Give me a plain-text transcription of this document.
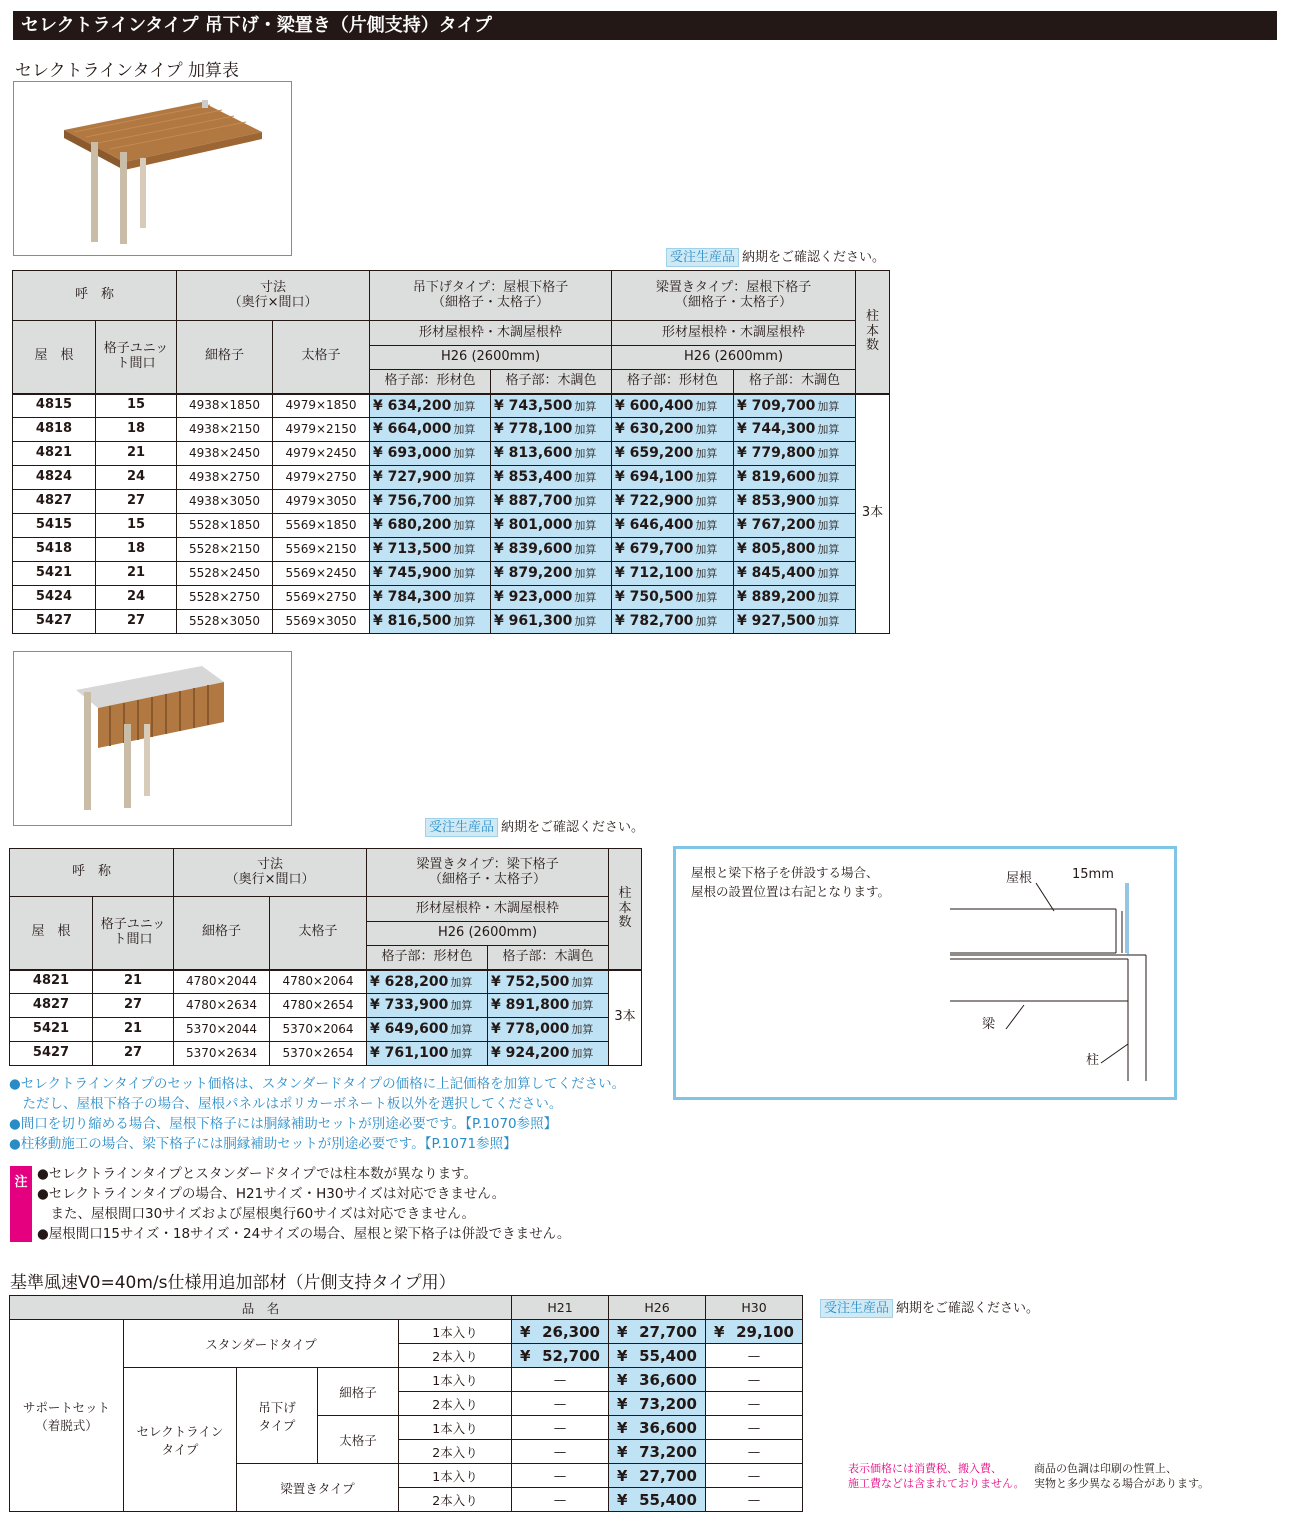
セレクトラインタイプ 吊下げ・梁置き（片側支持）タイプ
セレクトラインタイプ 加算表
受注生産品 納期をご確認ください。
呼　称		寸法
（奥行×間口）		吊下げタイプ：屋根下格子
（細格子・太格子）		梁置きタイプ：屋根下格子
（細格子・太格子）		柱本数
屋　根	格子ユニット間口	細格子	太格子	形材屋根枠・木調屋根枠		形材屋根枠・木調屋根枠		
				H26 (2600mm)		H26 (2600mm)		
				格子部：形材色	格子部：木調色	格子部：形材色	格子部：木調色	
4815	15	4938×1850	4979×1850	¥ 634,200 加算	¥ 743,500 加算	¥ 600,400 加算	¥ 709,700 加算	3本
4818	18	4938×2150	4979×2150	¥ 664,000 加算	¥ 778,100 加算	¥ 630,200 加算	¥ 744,300 加算	
4821	21	4938×2450	4979×2450	¥ 693,000 加算	¥ 813,600 加算	¥ 659,200 加算	¥ 779,800 加算	
4824	24	4938×2750	4979×2750	¥ 727,900 加算	¥ 853,400 加算	¥ 694,100 加算	¥ 819,600 加算	
4827	27	4938×3050	4979×3050	¥ 756,700 加算	¥ 887,700 加算	¥ 722,900 加算	¥ 853,900 加算	
5415	15	5528×1850	5569×1850	¥ 680,200 加算	¥ 801,000 加算	¥ 646,400 加算	¥ 767,200 加算	
5418	18	5528×2150	5569×2150	¥ 713,500 加算	¥ 839,600 加算	¥ 679,700 加算	¥ 805,800 加算	
5421	21	5528×2450	5569×2450	¥ 745,900 加算	¥ 879,200 加算	¥ 712,100 加算	¥ 845,400 加算	
5424	24	5528×2750	5569×2750	¥ 784,300 加算	¥ 923,000 加算	¥ 750,500 加算	¥ 889,200 加算	
5427	27	5528×3050	5569×3050	¥ 816,500 加算	¥ 961,300 加算	¥ 782,700 加算	¥ 927,500 加算	
受注生産品 納期をご確認ください。
呼　称		寸法
（奥行×間口）		梁置きタイプ：梁下格子
（細格子・太格子）		柱本数
屋　根	格子ユニット間口	細格子	太格子	形材屋根枠・木調屋根枠		
				H26 (2600mm)		
				格子部：形材色	格子部：木調色	
4821	21	4780×2044	4780×2064	¥ 628,200 加算	¥ 752,500 加算	3本
4827	27	4780×2634	4780×2654	¥ 733,900 加算	¥ 891,800 加算	
5421	21	5370×2044	5370×2064	¥ 649,600 加算	¥ 778,000 加算	
5427	27	5370×2634	5370×2654	¥ 761,100 加算	¥ 924,200 加算	
屋根と梁下格子を併設する場合、
屋根の設置位置は右記となります。
屋根	15mm
梁
柱
●セレクトラインタイプのセット価格は、スタンダードタイプの価格に上記価格を加算してください。
　ただし、屋根下格子の場合、屋根パネルはポリカーボネート板以外を選択してください。
●間口を切り縮める場合、屋根下格子には胴縁補助セットが別途必要です。【P.1070参照】
●柱移動施工の場合、梁下格子には胴縁補助セットが別途必要です。【P.1071参照】
注
●セレクトラインタイプとスタンダードタイプでは柱本数が異なります。
●セレクトラインタイプの場合、H21サイズ・H30サイズは対応できません。
　また、屋根間口30サイズおよび屋根奥行60サイズは対応できません。
●屋根間口15サイズ・18サイズ・24サイズの場合、屋根と梁下格子は併設できません。
基準風速V0=40m/s仕様用追加部材（片側支持タイプ用）
受注生産品 納期をご確認ください。
品　名					H21	H26	H30
サポートセット
（着脱式）	スタンダードタイプ			1本入り	¥ 26,300	¥ 27,700	¥ 29,100

				2本入り	¥ 52,700	¥ 55,400	—
	セレクトライン
タイプ	吊下げ
タイプ	細格子	1本入り	—	¥ 36,600	—
				2本入り	—	¥ 73,200	—
			太格子	1本入り	—	¥ 36,600	—
				2本入り	—	¥ 73,200	—
		梁置きタイプ		1本入り	—	¥ 27,700	—
				2本入り	—	¥ 55,400	—
表示価格には消費税、搬入費、
施工費などは含まれておりません。
商品の色調は印刷の性質上、
実物と多少異なる場合があります。
